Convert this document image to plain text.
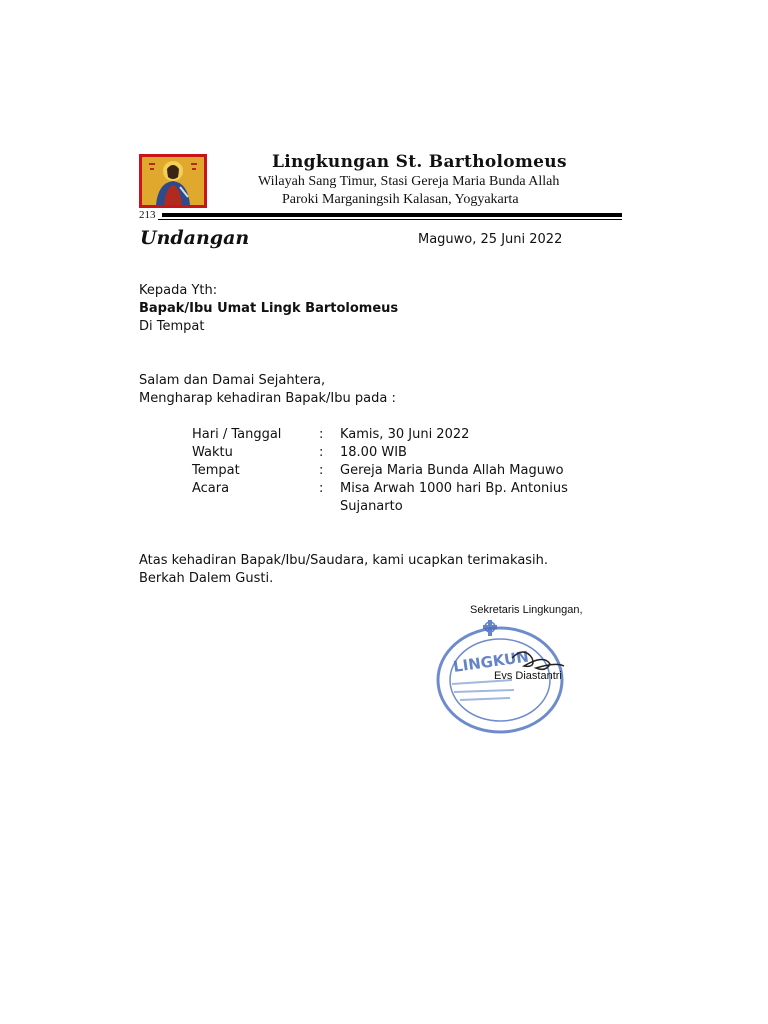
Lingkungan St. Bartholomeus
Wilayah Sang Timur, Stasi Gereja Maria Bunda Allah
Paroki Marganingsih Kalasan, Yogyakarta
213
Undangan	Maguwo, 25 Juni 2022
Kepada Yth:
Bapak/Ibu Umat Lingk Bartolomeus
Di Tempat
Salam dan Damai Sejahtera,
Mengharap kehadiran Bapak/Ibu pada :
Hari / Tanggal	: Kamis, 30 Juni 2022
Waktu	: 18.00 WIB
Tempat	: Gereja Maria Bunda Allah Maguwo
Acara	: Misa Arwah 1000 hari Bp. Antonius
Sujanarto
Atas kehadiran Bapak/Ibu/Saudara, kami ucapkan terimakasih.
Berkah Dalem Gusti.
LINGKUN
Sekretaris Lingkungan,
Evs Diastantri
